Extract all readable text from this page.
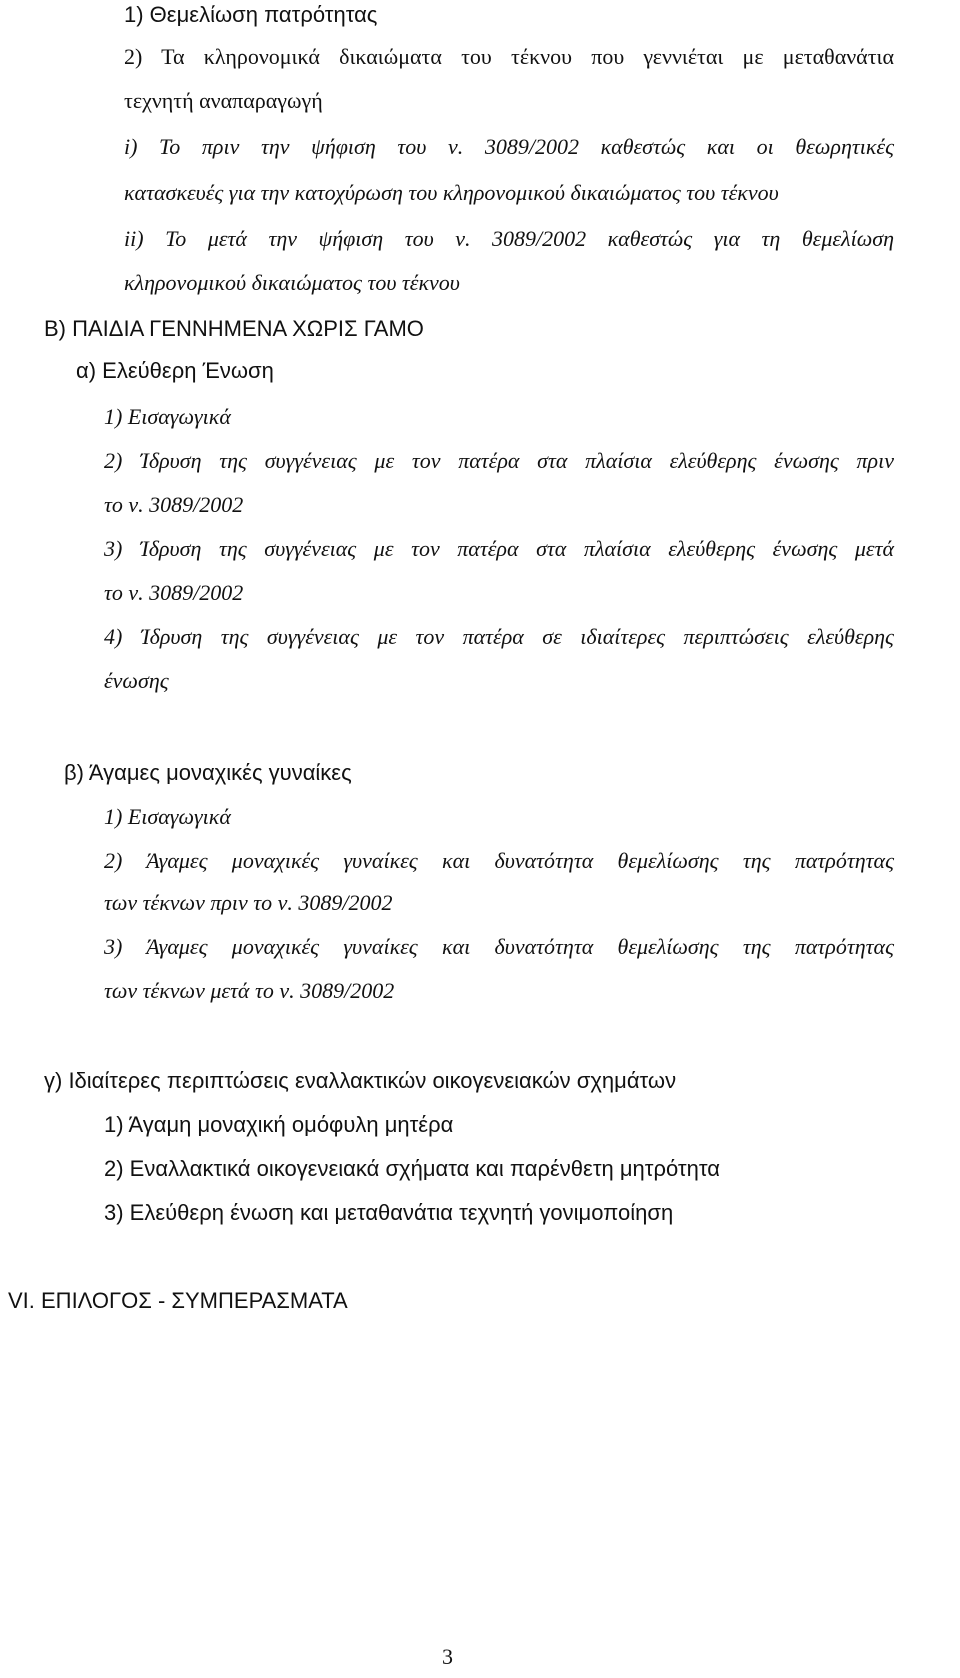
1) Θεμελίωση πατρότητας

2) Τα κληρονομικά δικαιώματα του τέκνου που γεννιέται με μεταθανάτια

τεχνητή αναπαραγωγή

i) Το πριν την ψήφιση του ν. 3089/2002 καθεστώς και οι θεωρητικές

κατασκευές για την κατοχύρωση του κληρονομικού δικαιώματος του τέκνου

ii) Το μετά την ψήφιση του ν. 3089/2002 καθεστώς για τη θεμελίωση

κληρονομικού δικαιώματος του τέκνου

Β) ΠΑΙΔΙΑ ΓΕΝΝΗΜΕΝΑ ΧΩΡΙΣ ΓΑΜΟ

α) Ελεύθερη Ένωση

1) Εισαγωγικά

2) Ίδρυση της συγγένειας με τον πατέρα στα πλαίσια ελεύθερης ένωσης πριν

το ν. 3089/2002

3) Ίδρυση της συγγένειας με τον πατέρα στα πλαίσια ελεύθερης ένωσης μετά

το ν. 3089/2002

4) Ίδρυση της συγγένειας με τον πατέρα σε ιδιαίτερες περιπτώσεις ελεύθερης

ένωσης

β) Άγαμες μοναχικές γυναίκες

1) Εισαγωγικά

2) Άγαμες μοναχικές γυναίκες και δυνατότητα θεμελίωσης της πατρότητας

των τέκνων πριν το ν. 3089/2002

3) Άγαμες μοναχικές γυναίκες και δυνατότητα θεμελίωσης της πατρότητας

των τέκνων μετά το ν. 3089/2002

γ) Ιδιαίτερες περιπτώσεις εναλλακτικών οικογενειακών σχημάτων

1) Άγαμη μοναχική ομόφυλη μητέρα

2) Εναλλακτικά οικογενειακά σχήματα και παρένθετη μητρότητα

3) Ελεύθερη ένωση και μεταθανάτια τεχνητή γονιμοποίηση

VI. ΕΠΙΛΟΓΟΣ - ΣΥΜΠΕΡΑΣΜΑΤΑ

3
